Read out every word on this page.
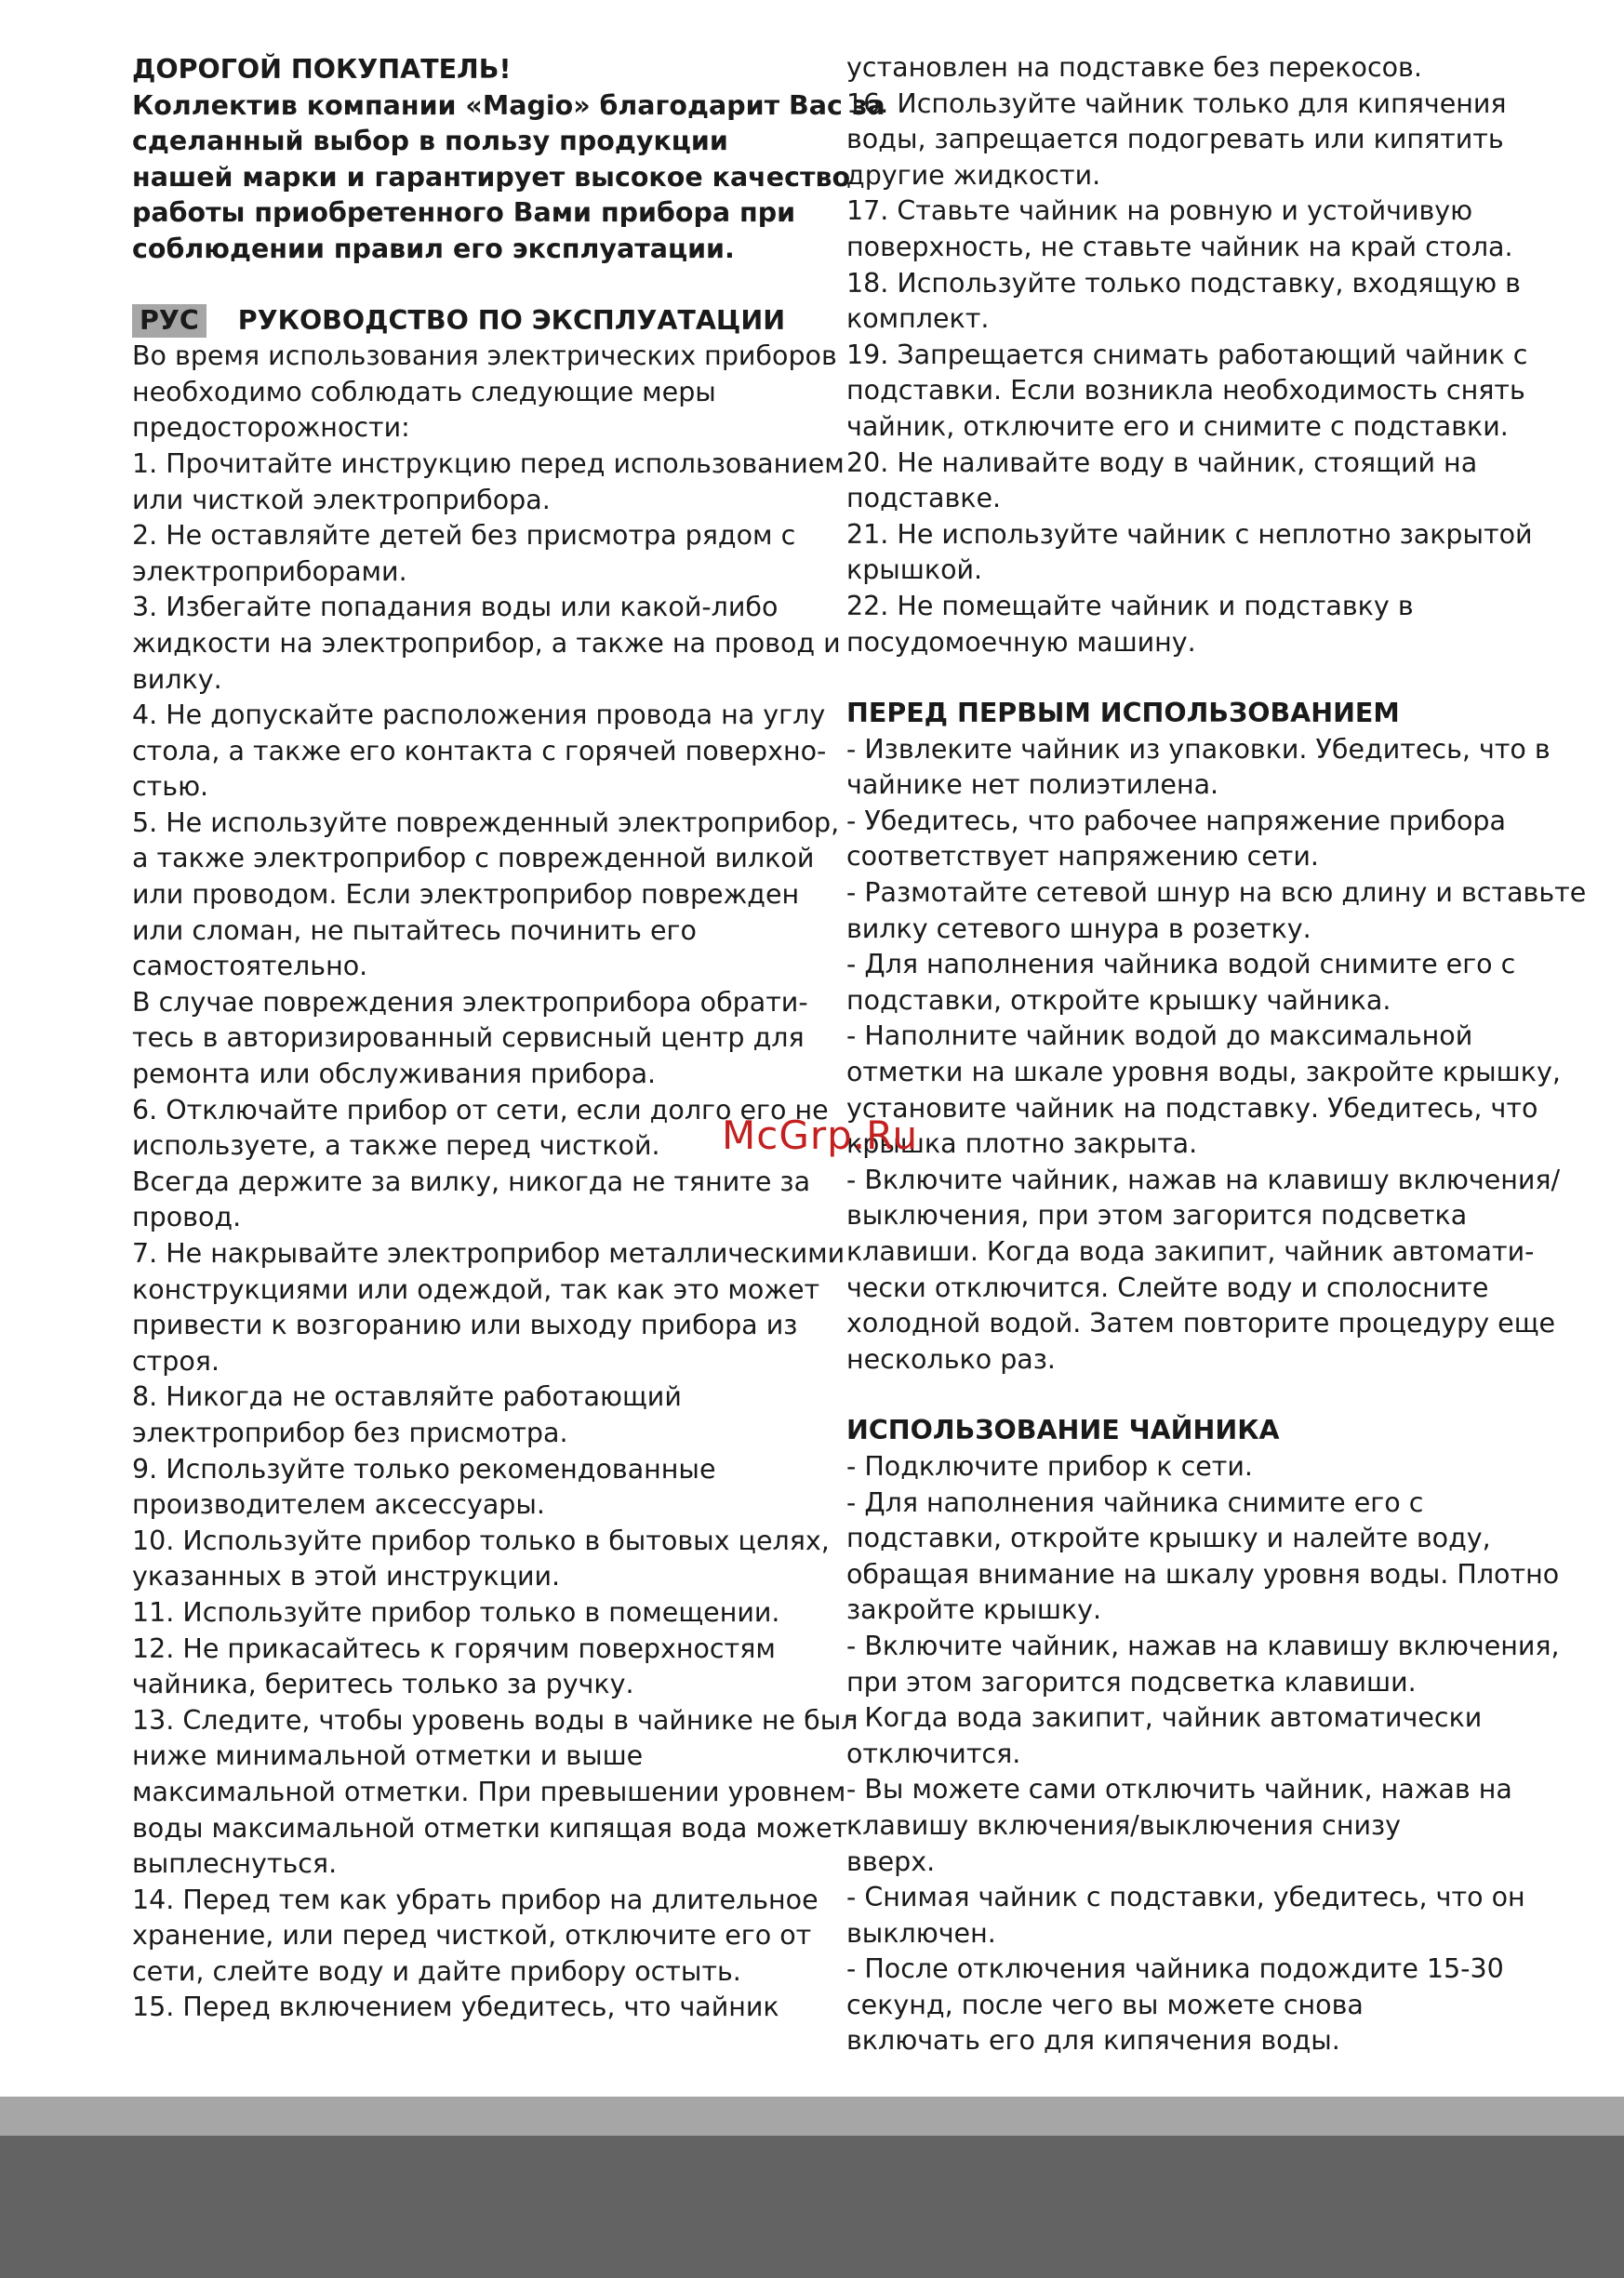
ДОРОГОЙ ПОКУПАТЕЛЬ!
Коллектив компании «Magio» благодарит Вас за
сделанный выбор в пользу продукции
нашей марки и гарантирует высокое качество
работы приобретенного Вами прибора при
соблюдении правил его эксплуатации.
РУС РУКОВОДСТВО ПО ЭКСПЛУАТАЦИИ
Во время использования электрических приборов
необходимо соблюдать следующие меры
предосторожности:
1. Прочитайте инструкцию перед использованием
или чисткой электроприбора.
2. Не оставляйте детей без присмотра рядом с
электроприборами.
3. Избегайте попадания воды или какой-либо
жидкости на электроприбор, а также на провод и
вилку.
4. Не допускайте расположения провода на углу
стола, а также его контакта с горячей поверхно-
стью.
5. Не используйте поврежденный электроприбор,
а также электроприбор с поврежденной вилкой
или проводом. Если электроприбор поврежден
или сломан, не пытайтесь починить его
самостоятельно.
В случае повреждения электроприбора обрати-
тесь в авторизированный сервисный центр для
ремонта или обслуживания прибора.
6. Отключайте прибор от сети, если долго его не
используете, а также перед чисткой.
Всегда держите за вилку, никогда не тяните за
провод.
7. Не накрывайте электроприбор металлическими
конструкциями или одеждой, так как это может
привести к возгоранию или выходу прибора из
строя.
8. Никогда не оставляйте работающий
электроприбор без присмотра.
9. Используйте только рекомендованные
производителем аксессуары.
10. Используйте прибор только в бытовых целях,
указанных в этой инструкции.
11. Используйте прибор только в помещении.
12. Не прикасайтесь к горячим поверхностям
чайника, беритесь только за ручку.
13. Следите, чтобы уровень воды в чайнике не был
ниже минимальной отметки и выше
максимальной отметки. При превышении уровнем
воды максимальной отметки кипящая вода может
выплеснуться.
14. Перед тем как убрать прибор на длительное
хранение, или перед чисткой, отключите его от
сети, слейте воду и дайте прибору остыть.
15. Перед включением убедитесь, что чайник
установлен на подставке без перекосов.
16. Используйте чайник только для кипячения
воды, запрещается подогревать или кипятить
другие жидкости.
17. Ставьте чайник на ровную и устойчивую
поверхность, не ставьте чайник на край стола.
18. Используйте только подставку, входящую в
комплект.
19. Запрещается снимать работающий чайник с
подставки. Если возникла необходимость снять
чайник, отключите его и снимите с подставки.
20. Не наливайте воду в чайник, стоящий на
подставке.
21. Не используйте чайник с неплотно закрытой
крышкой.
22. Не помещайте чайник и подставку в
посудомоечную машину.
ПЕРЕД ПЕРВЫМ ИСПОЛЬЗОВАНИЕМ
- Извлеките чайник из упаковки. Убедитесь, что в
чайнике нет полиэтилена.
- Убедитесь, что рабочее напряжение прибора
соответствует напряжению сети.
- Размотайте сетевой шнур на всю длину и вставьте
вилку сетевого шнура в розетку.
- Для наполнения чайника водой снимите его с
подставки, откройте крышку чайника.
- Наполните чайник водой до максимальной
отметки на шкале уровня воды, закройте крышку,
установите чайник на подставку. Убедитесь, что
крышка плотно закрыта.
- Включите чайник, нажав на клавишу включения/
выключения, при этом загорится подсветка
клавиши. Когда вода закипит, чайник автомати-
чески отключится. Слейте воду и сполосните
холодной водой. Затем повторите процедуру еще
несколько раз.
ИСПОЛЬЗОВАНИЕ ЧАЙНИКА
- Подключите прибор к сети.
- Для наполнения чайника снимите его с
подставки, откройте крышку и налейте воду,
обращая внимание на шкалу уровня воды. Плотно
закройте крышку.
- Включите чайник, нажав на клавишу включения,
при этом загорится подсветка клавиши.
- Когда вода закипит, чайник автоматически
отключится.
- Вы можете сами отключить чайник, нажав на
клавишу включения/выключения снизу
вверх.
- Снимая чайник с подставки, убедитесь, что он
выключен.
- После отключения чайника подождите 15-30
секунд, после чего вы можете снова
включать его для кипячения воды.
McGrp.Ru
